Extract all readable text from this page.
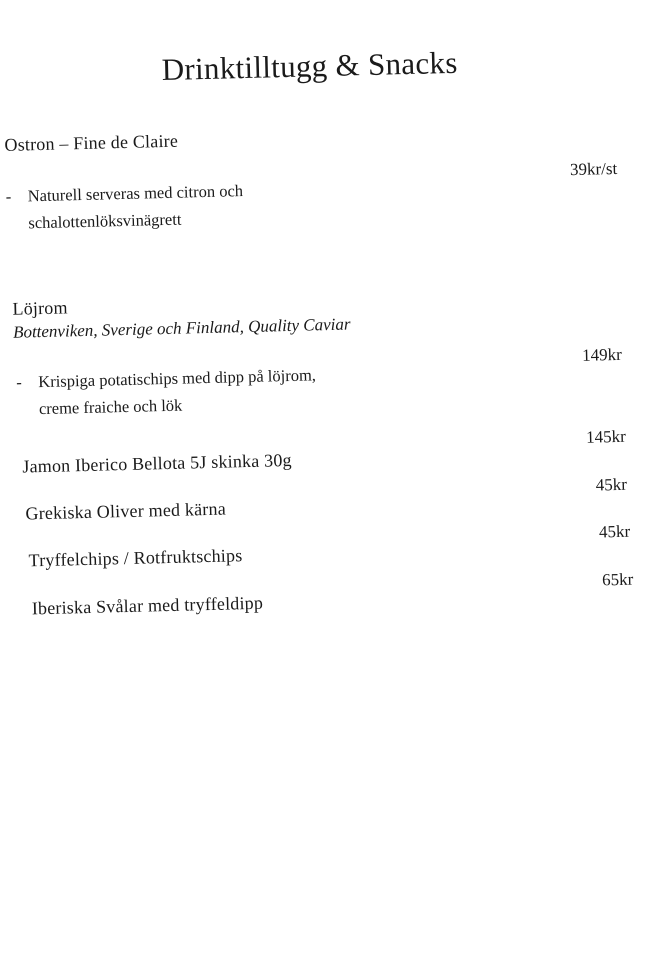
Drinktilltugg & Snacks
Ostron – Fine de Claire
- Naturell serveras med citron och
schalottenlöksvinägrett
39kr/st
Löjrom
Bottenviken, Sverige och Finland, Quality Caviar
- Krispiga potatischips med dipp på löjrom,
creme fraiche och lök
149kr
Jamon Iberico Bellota 5J skinka 30g
145kr
Grekiska Oliver med kärna
45kr
Tryffelchips / Rotfruktschips
45kr
Iberiska Svålar med tryffeldipp
65kr
